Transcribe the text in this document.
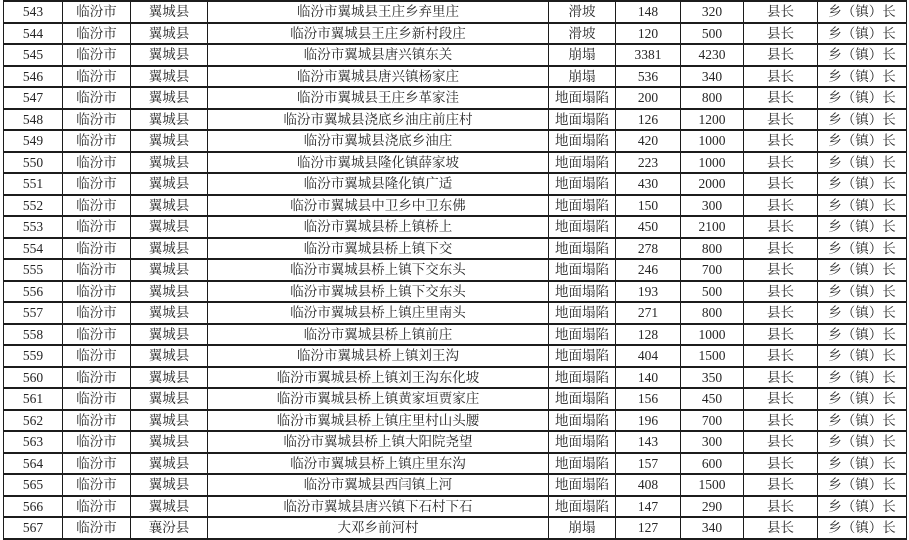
543	临汾市	翼城县	临汾市翼城县王庄乡弃里庄	滑坡	148	320	县长	乡（镇）长
544	临汾市	翼城县	临汾市翼城县王庄乡新村段庄	滑坡	120	500	县长	乡（镇）长
545	临汾市	翼城县	临汾市翼城县唐兴镇东关	崩塌	3381	4230	县长	乡（镇）长
546	临汾市	翼城县	临汾市翼城县唐兴镇杨家庄	崩塌	536	340	县长	乡（镇）长
547	临汾市	翼城县	临汾市翼城县王庄乡革家洼	地面塌陷	200	800	县长	乡（镇）长
548	临汾市	翼城县	临汾市翼城县浇底乡油庄前庄村	地面塌陷	126	1200	县长	乡（镇）长
549	临汾市	翼城县	临汾市翼城县浇底乡油庄	地面塌陷	420	1000	县长	乡（镇）长
550	临汾市	翼城县	临汾市翼城县隆化镇薛家坡	地面塌陷	223	1000	县长	乡（镇）长
551	临汾市	翼城县	临汾市翼城县隆化镇广适	地面塌陷	430	2000	县长	乡（镇）长
552	临汾市	翼城县	临汾市翼城县中卫乡中卫东佛	地面塌陷	150	300	县长	乡（镇）长
553	临汾市	翼城县	临汾市翼城县桥上镇桥上	地面塌陷	450	2100	县长	乡（镇）长
554	临汾市	翼城县	临汾市翼城县桥上镇下交	地面塌陷	278	800	县长	乡（镇）长
555	临汾市	翼城县	临汾市翼城县桥上镇下交东头	地面塌陷	246	700	县长	乡（镇）长
556	临汾市	翼城县	临汾市翼城县桥上镇下交东头	地面塌陷	193	500	县长	乡（镇）长
557	临汾市	翼城县	临汾市翼城县桥上镇庄里南头	地面塌陷	271	800	县长	乡（镇）长
558	临汾市	翼城县	临汾市翼城县桥上镇前庄	地面塌陷	128	1000	县长	乡（镇）长
559	临汾市	翼城县	临汾市翼城县桥上镇刘王沟	地面塌陷	404	1500	县长	乡（镇）长
560	临汾市	翼城县	临汾市翼城县桥上镇刘王沟东化坡	地面塌陷	140	350	县长	乡（镇）长
561	临汾市	翼城县	临汾市翼城县桥上镇黄家垣贾家庄	地面塌陷	156	450	县长	乡（镇）长
562	临汾市	翼城县	临汾市翼城县桥上镇庄里村山头腰	地面塌陷	196	700	县长	乡（镇）长
563	临汾市	翼城县	临汾市翼城县桥上镇大阳院尧望	地面塌陷	143	300	县长	乡（镇）长
564	临汾市	翼城县	临汾市翼城县桥上镇庄里东沟	地面塌陷	157	600	县长	乡（镇）长
565	临汾市	翼城县	临汾市翼城县西闫镇上河	地面塌陷	408	1500	县长	乡（镇）长
566	临汾市	翼城县	临汾市翼城县唐兴镇下石村下石	地面塌陷	147	290	县长	乡（镇）长
567	临汾市	襄汾县	大邓乡前河村	崩塌	127	340	县长	乡（镇）长
